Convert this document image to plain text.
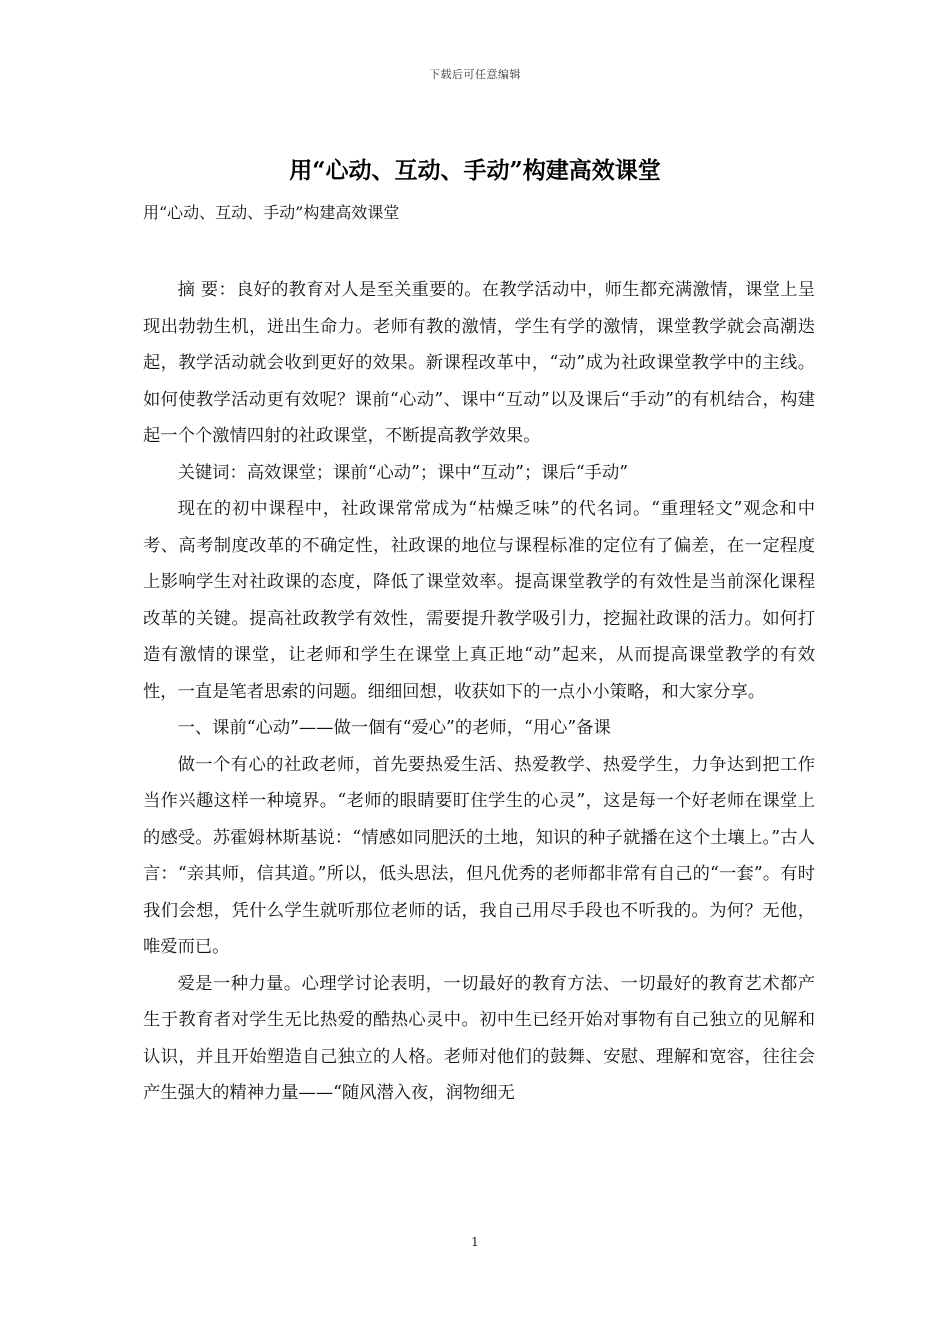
下载后可任意编辑
用“心动、互动、手动”构建高效课堂

用“心动、互动、手动”构建高效课堂

摘 要：良好的教育对人是至关重要的。在教学活动中，师生都充满激情，课堂上呈现出勃勃生机，迸出生命力。老师有教的激情，学生有学的激情，课堂教学就会高潮迭起，教学活动就会收到更好的效果。新课程改革中，“动”成为社政课堂教学中的主线。如何使教学活动更有效呢？课前“心动”、课中“互动”以及课后“手动”的有机结合，构建起一个个激情四射的社政课堂，不断提高教学效果。

关键词：高效课堂；课前“心动”；课中“互动”；课后“手动”

现在的初中课程中，社政课常常成为“枯燥乏味”的代名词。“重理轻文”观念和中考、高考制度改革的不确定性，社政课的地位与课程标准的定位有了偏差，在一定程度上影响学生对社政课的态度，降低了课堂效率。提高课堂教学的有效性是当前深化课程改革的关键。提高社政教学有效性，需要提升教学吸引力，挖掘社政课的活力。如何打造有激情的课堂，让老师和学生在课堂上真正地“动”起来，从而提高课堂教学的有效性，一直是笔者思索的问题。细细回想，收获如下的一点小小策略，和大家分享。

一、课前“心动”——做一個有“爱心”的老师，“用心”备课

做一个有心的社政老师，首先要热爱生活、热爱教学、热爱学生，力争达到把工作当作兴趣这样一种境界。“老师的眼睛要盯住学生的心灵”，这是每一个好老师在课堂上的感受。苏霍姆林斯基说：“情感如同肥沃的土地，知识的种子就播在这个土壤上。”古人言：“亲其师，信其道。”所以，低头思法，但凡优秀的老师都非常有自己的“一套”。有时我们会想，凭什么学生就听那位老师的话，我自己用尽手段也不听我的。为何？无他，唯爱而已。

爱是一种力量。心理学讨论表明，一切最好的教育方法、一切最好的教育艺术都产生于教育者对学生无比热爱的酷热心灵中。初中生已经开始对事物有自己独立的见解和认识，并且开始塑造自己独立的人格。老师对他们的鼓舞、安慰、理解和宽容，往往会产生强大的精神力量——“随风潜入夜，润物细无

1
